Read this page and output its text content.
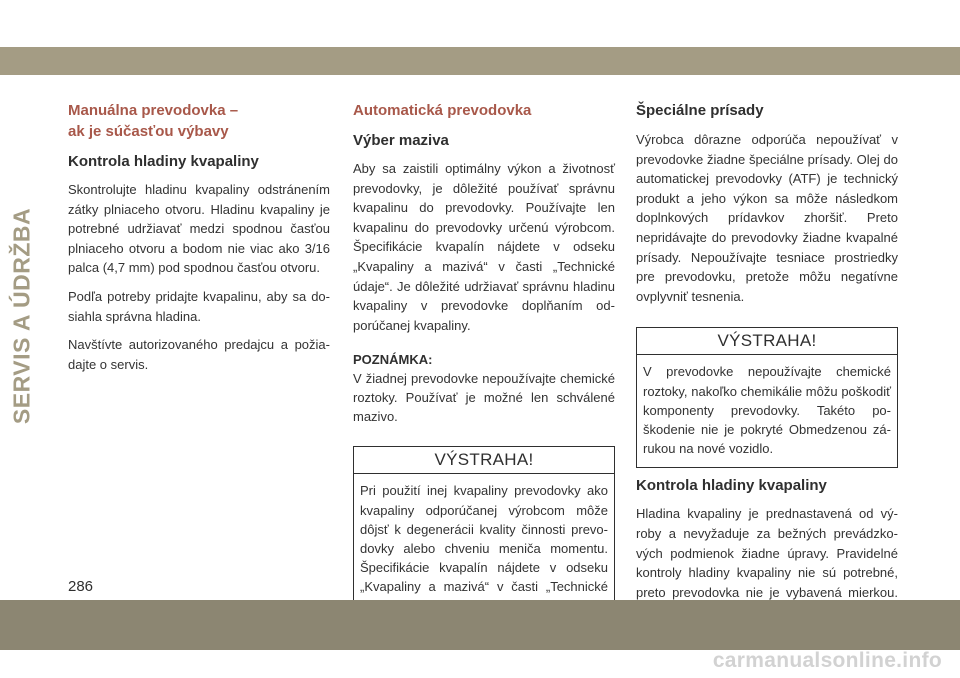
SERVIS A ÚDRŽBA
Manuálna prevodovka –
ak je súčasťou výbavy
Kontrola hladiny kvapaliny

Skontrolujte hladinu kvapaliny odstránením zátky plniaceho otvoru. Hladinu kvapaliny je potrebné udržiavať medzi spodnou časťou plniaceho otvoru a bodom nie viac ako 3/16 palca (4,7 mm) pod spodnou časťou otvoru.

Podľa potreby pridajte kvapalinu, aby sa dosiahla správna hladina.

Navštívte autorizovaného predajcu a požiadajte o servis.

Automatická prevodovka
Výber maziva

Aby sa zaistili optimálny výkon a životnosť prevodovky, je dôležité používať správnu kvapalinu do prevodovky. Používajte len kvapalinu do prevodovky určenú výrobcom. Špecifikácie kvapalín nájdete v odseku „Kvapaliny a mazivá“ v časti „Technické údaje“. Je dôležité udržiavať správnu hladinu kvapaliny v prevodovke doplňaním odporúčanej kvapaliny.

POZNÁMKA:

V žiadnej prevodovke nepoužívajte chemické roztoky. Používať je možné len schválené mazivo.

VÝSTRAHA!

Pri použití inej kvapaliny prevodovky ako kvapaliny odporúčanej výrobcom môže dôjsť k degenerácii kvality činnosti prevodovky alebo chveniu meniča momentu. Špecifikácie kvapalín nájdete v odseku „Kvapaliny a mazivá“ v časti „Technické

Špeciálne prísady

Výrobca dôrazne odporúča nepoužívať v prevodovke žiadne špeciálne prísady. Olej do automatickej prevodovky (ATF) je technický produkt a jeho výkon sa môže následkom doplnkových prídavkov zhoršiť. Preto nepridávajte do prevodovky žiadne kvapalné prísady. Nepoužívajte tesniace prostriedky pre prevodovku, pretože môžu negatívne ovplyvniť tesnenia.

VÝSTRAHA!

V prevodovke nepoužívajte chemické roztoky, nakoľko chemikálie môžu poškodiť komponenty prevodovky. Takéto poškodenie nie je pokryté Obmedzenou zárukou na nové vozidlo.

Kontrola hladiny kvapaliny

Hladina kvapaliny je prednastavená od výroby a nevyžaduje za bežných prevádzkových podmienok žiadne úpravy. Pravidelné kontroly hladiny kvapaliny nie sú potrebné, preto prevodovka nie je vybavená mierkou.

286
carmanualsonline.info
